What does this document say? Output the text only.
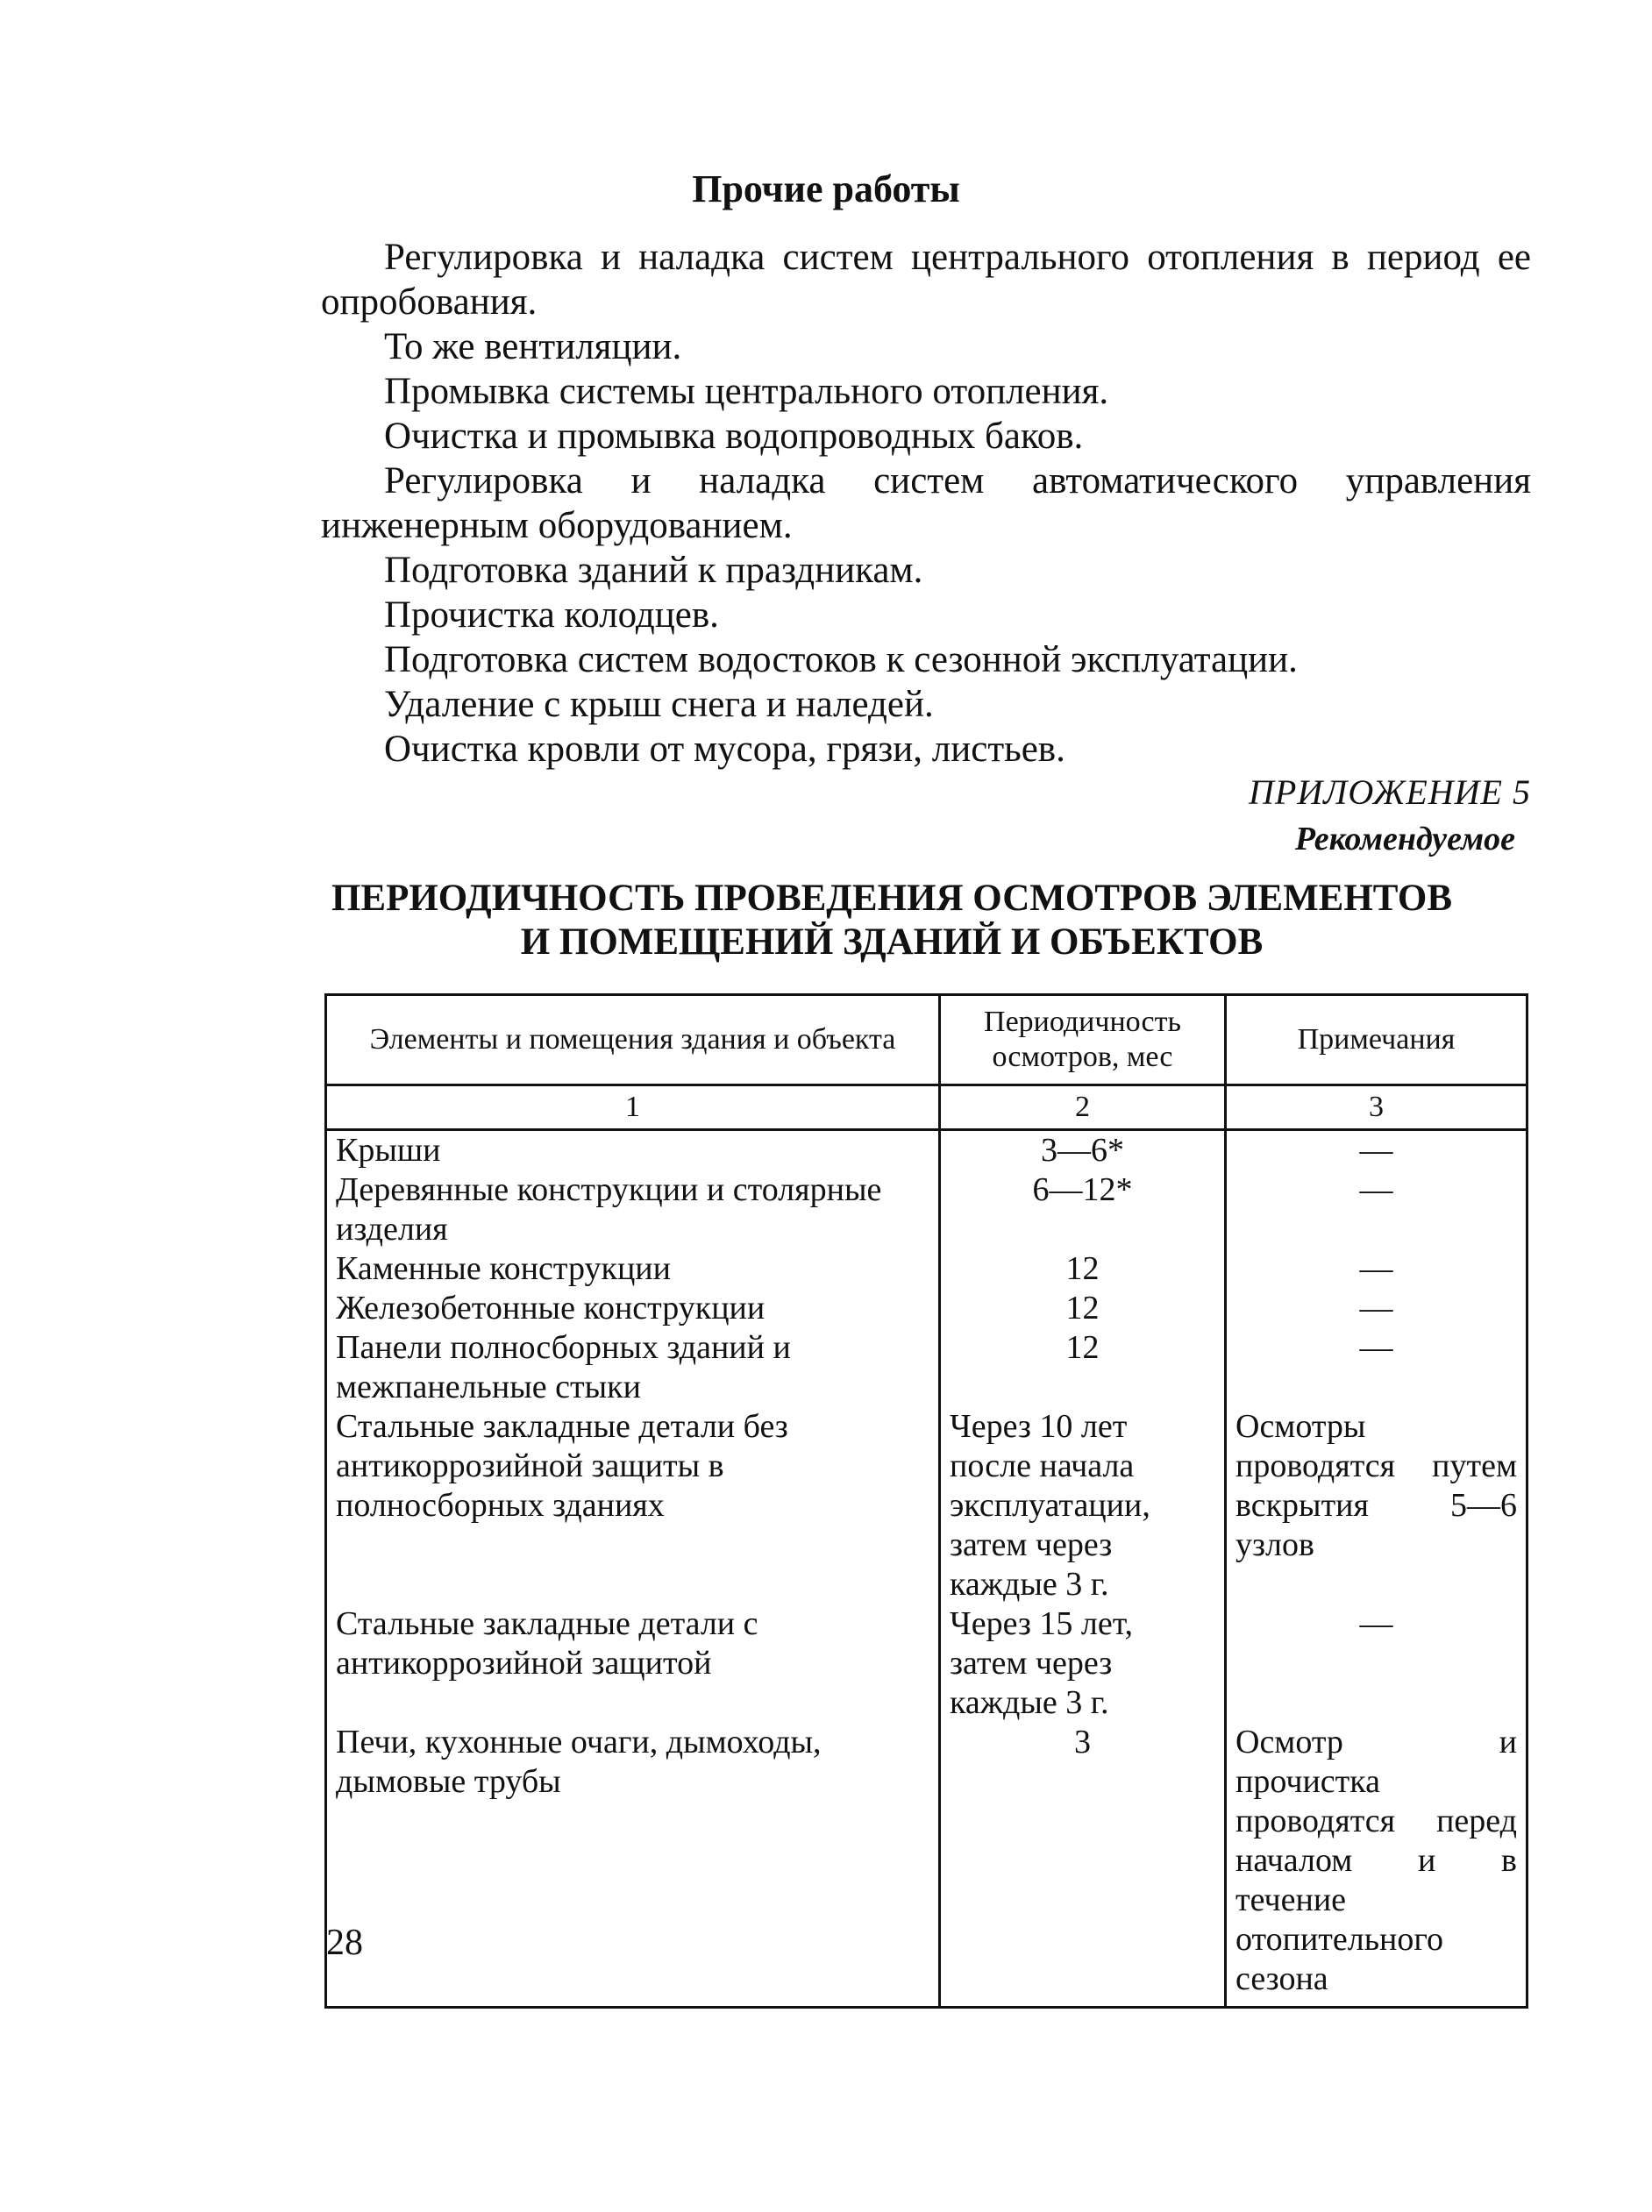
Прочие работы
Регулировка и наладка систем центрального отопления в период ее опробования.
То же вентиляции.
Промывка системы центрального отопления.
Очистка и промывка водопроводных баков.
Регулировка и наладка систем автоматического управления инженерным оборудованием.
Подготовка зданий к праздникам.
Прочистка колодцев.
Подготовка систем водостоков к сезонной эксплуатации.
Удаление с крыш снега и наледей.
Очистка кровли от мусора, грязи, листьев.
ПРИЛОЖЕНИЕ 5
Рекомендуемое
ПЕРИОДИЧНОСТЬ ПРОВЕДЕНИЯ ОСМОТРОВ ЭЛЕМЕНТОВ
И ПОМЕЩЕНИЙ ЗДАНИЙ И ОБЪЕКТОВ
Элементы и помещения здания и объекта	Периодичность осмотров, мес	Примечания
1	2	3
Крыши	3—6*	—
Деревянные конструкции и столярные изделия	6—12*	—
Каменные конструкции	12	—
Железобетонные конструкции	12	—
Панели полносборных зданий и межпанельные стыки	12	—
Стальные закладные детали без антикоррозийной защиты в полносборных зданиях	Через 10 лет после начала эксплуатации, затем через каждые 3 г.	Осмотры проводятся путем вскрытия 5—6 узлов
Стальные закладные детали с антикоррозийной защитой	Через 15 лет, затем через каждые 3 г.	—
Печи, кухонные очаги, дымоходы, дымовые трубы	3	Осмотр и прочистка проводятся перед началом и в течение отопительного сезона
28
